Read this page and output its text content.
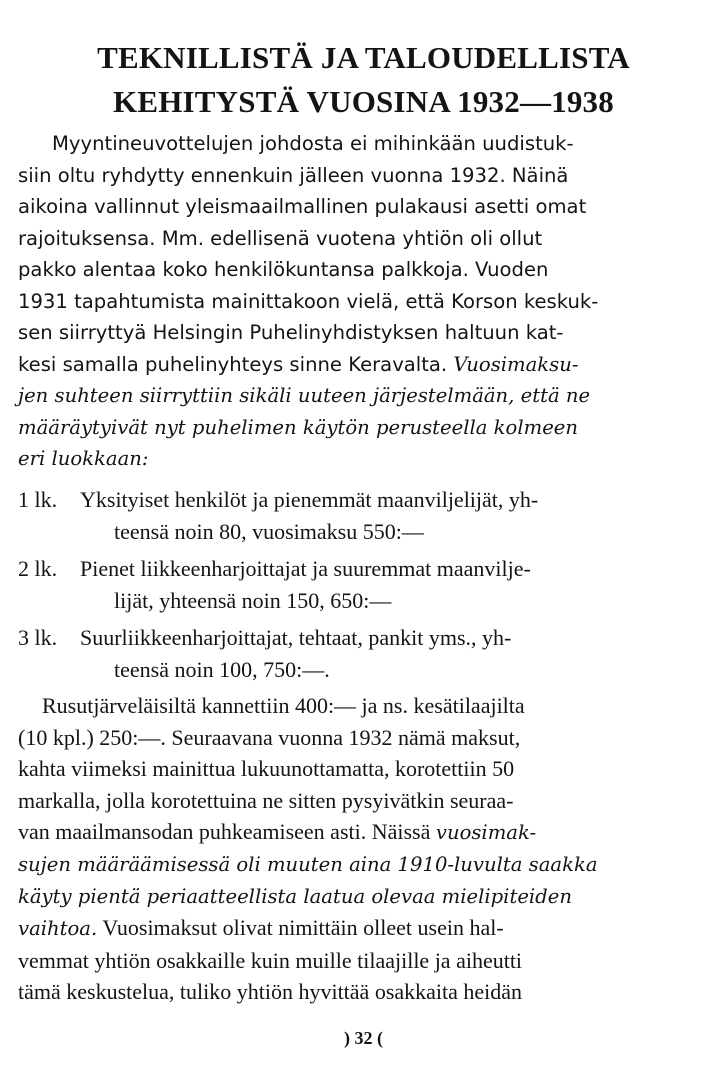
TEKNILLISTÄ JA TALOUDELLISTA
KEHITYSTÄ VUOSINA 1932—1938
Myyntineuvottelujen johdosta ei mihinkään uudistuk-
siin oltu ryhdytty ennenkuin jälleen vuonna 1932. Näinä
aikoina vallinnut yleismaailmallinen pulakausi asetti omat
rajoituksensa. Mm. edellisenä vuotena yhtiön oli ollut
pakko alentaa koko henkilökuntansa palkkoja. Vuoden
1931 tapahtumista mainittakoon vielä, että Korson keskuk-
sen siirryttyä Helsingin Puhelinyhdistyksen haltuun kat-
kesi samalla puhelinyhteys sinne Keravalta. Vuosimaksu-
jen suhteen siirryttiin sikäli uuteen järjestelmään, että ne
määräytyivät nyt puhelimen käytön perusteella kolmeen
eri luokkaan:
1 lk. Yksityiset henkilöt ja pienemmät maanviljelijät, yh-
teensä noin 80, vuosimaksu 550:—
2 lk. Pienet liikkeenharjoittajat ja suuremmat maanvilje-
lijät, yhteensä noin 150, 650:—
3 lk. Suurliikkeenharjoittajat, tehtaat, pankit yms., yh-
teensä noin 100, 750:—.
Rusutjärveläisiltä kannettiin 400:— ja ns. kesätilaajilta
(10 kpl.) 250:—. Seuraavana vuonna 1932 nämä maksut,
kahta viimeksi mainittua lukuunottamatta, korotettiin 50
markalla, jolla korotettuina ne sitten pysyivätkin seuraa-
van maailmansodan puhkeamiseen asti. Näissä vuosimak-
sujen määräämisessä oli muuten aina 1910-luvulta saakka
käyty pientä periaatteellista laatua olevaa mielipiteiden
vaihtoa. Vuosimaksut olivat nimittäin olleet usein hal-
vemmat yhtiön osakkaille kuin muille tilaajille ja aiheutti
tämä keskustelua, tuliko yhtiön hyvittää osakkaita heidän
) 32 (
